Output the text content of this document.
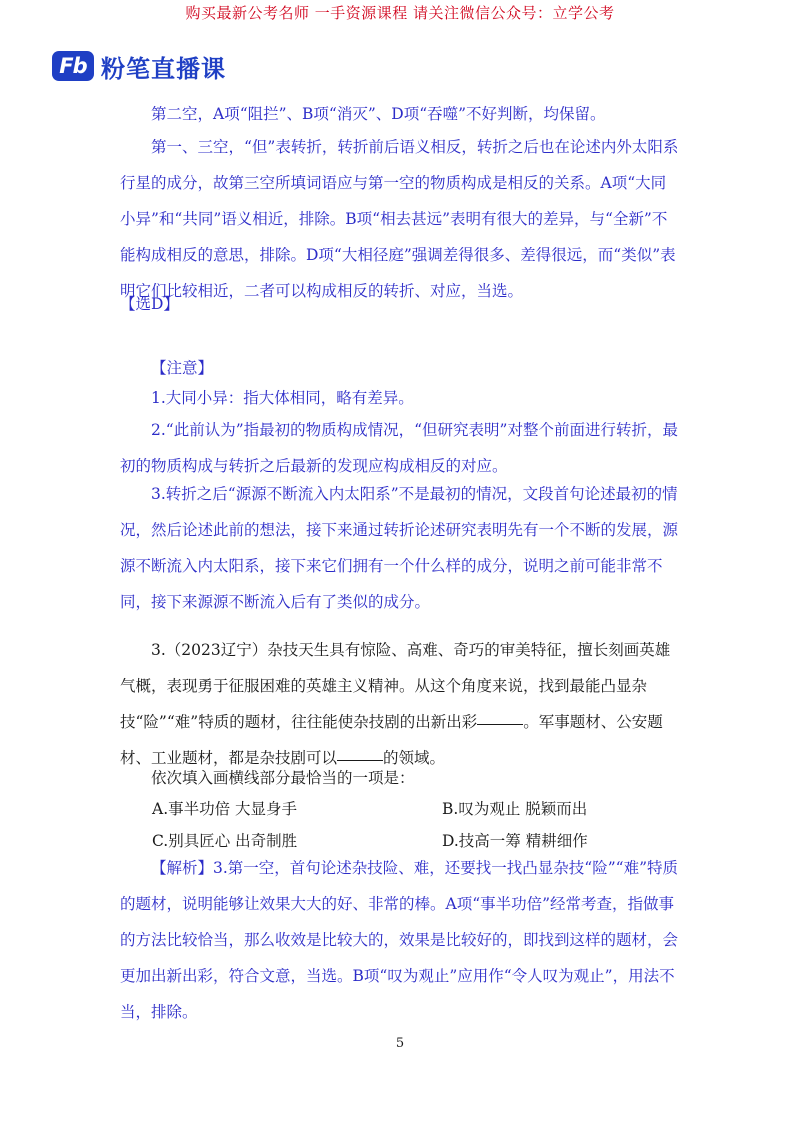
购买最新公考名师 一手资源课程 请关注微信公众号：立学公考
Fb 粉笔直播课

第二空，A项“阻拦”、B项“消灭”、D项“吞噬”不好判断，均保留。

第一、三空，“但”表转折，转折前后语义相反，转折之后也在论述内外太阳系行星的成分，故第三空所填词语应与第一空的物质构成是相反的关系。A项“大同小异”和“共同”语义相近，排除。B项“相去甚远”表明有很大的差异，与“全新”不能构成相反的意思，排除。D项“大相径庭”强调差得很多、差得很远，而“类似”表明它们比较相近，二者可以构成相反的转折、对应，当选。

【选D】

【注意】

1.大同小异：指大体相同，略有差异。

2.“此前认为”指最初的物质构成情况，“但研究表明”对整个前面进行转折，最初的物质构成与转折之后最新的发现应构成相反的对应。

3.转折之后“源源不断流入内太阳系”不是最初的情况，文段首句论述最初的情况，然后论述此前的想法，接下来通过转折论述研究表明先有一个不断的发展，源源不断流入内太阳系，接下来它们拥有一个什么样的成分，说明之前可能非常不同，接下来源源不断流入后有了类似的成分。

3.（2023辽宁）杂技天生具有惊险、高难、奇巧的审美特征，擅长刻画英雄气概，表现勇于征服困难的英雄主义精神。从这个角度来说，找到最能凸显杂技“险”“难”特质的题材，往往能使杂技剧的出新出彩	。军事题材、公安题材、工业题材，都是杂技剧可以	的领域。

依次填入画横线部分最恰当的一项是：

A.事半功倍 大显身手	B.叹为观止 脱颖而出
C.别具匠心 出奇制胜	D.技高一筹 精耕细作

【解析】3.第一空，首句论述杂技险、难，还要找一找凸显杂技“险”“难”特质的题材，说明能够让效果大大的好、非常的棒。A项“事半功倍”经常考查，指做事的方法比较恰当，那么收效是比较大的，效果是比较好的，即找到这样的题材，会更加出新出彩，符合文意，当选。B项“叹为观止”应用作“令人叹为观止”，用法不当，排除。

5
